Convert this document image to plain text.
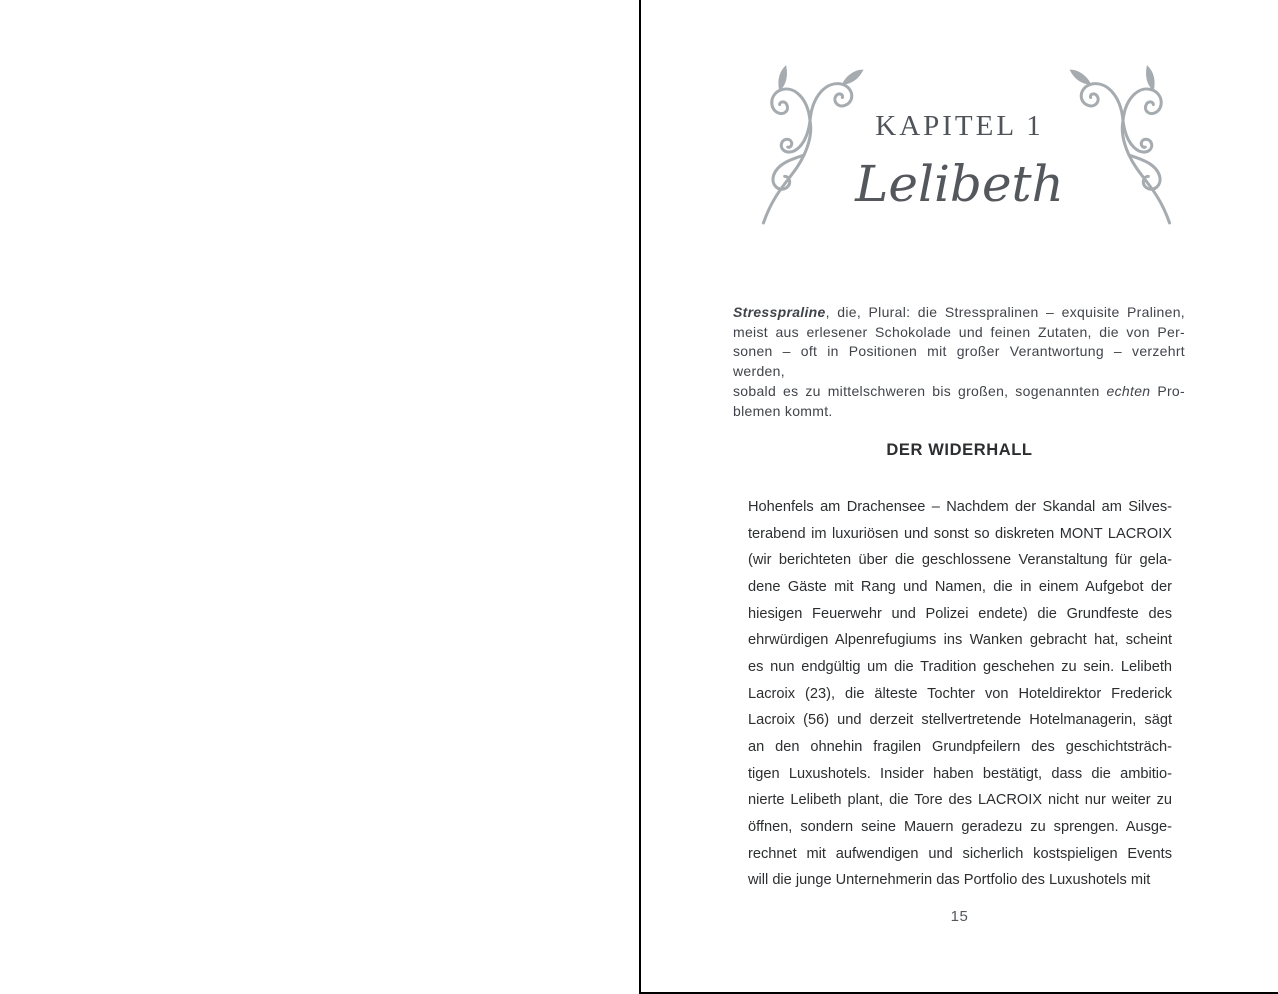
KAPITEL 1
Lelibeth
Stresspraline, die, Plural: die Stresspralinen – exquisite Pralinen,
meist aus erlesener Schokolade und feinen Zutaten, die von Per-
sonen – oft in Positionen mit großer Verantwortung – verzehrt werden,
sobald es zu mittelschweren bis großen, sogenannten echten Pro-
blemen kommt.
DER WIDERHALL
Hohenfels am Drachensee – Nachdem der Skandal am Silves-
terabend im luxuriösen und sonst so diskreten MONT LACROIX
(wir berichteten über die geschlossene Veranstaltung für gela-
dene Gäste mit Rang und Namen, die in einem Aufgebot der
hiesigen Feuerwehr und Polizei endete) die Grundfeste des
ehrwürdigen Alpenrefugiums ins Wanken gebracht hat, scheint
es nun endgültig um die Tradition geschehen zu sein. Lelibeth
Lacroix (23), die älteste Tochter von Hoteldirektor Frederick
Lacroix (56) und derzeit stellvertretende Hotelmanagerin, sägt
an den ohnehin fragilen Grundpfeilern des geschichtsträch-
tigen Luxushotels. Insider haben bestätigt, dass die ambitio-
nierte Lelibeth plant, die Tore des LACROIX nicht nur weiter zu
öffnen, sondern seine Mauern geradezu zu sprengen. Ausge-
rechnet mit aufwendigen und sicherlich kostspieligen Events
will die junge Unternehmerin das Portfolio des Luxushotels mit
15
